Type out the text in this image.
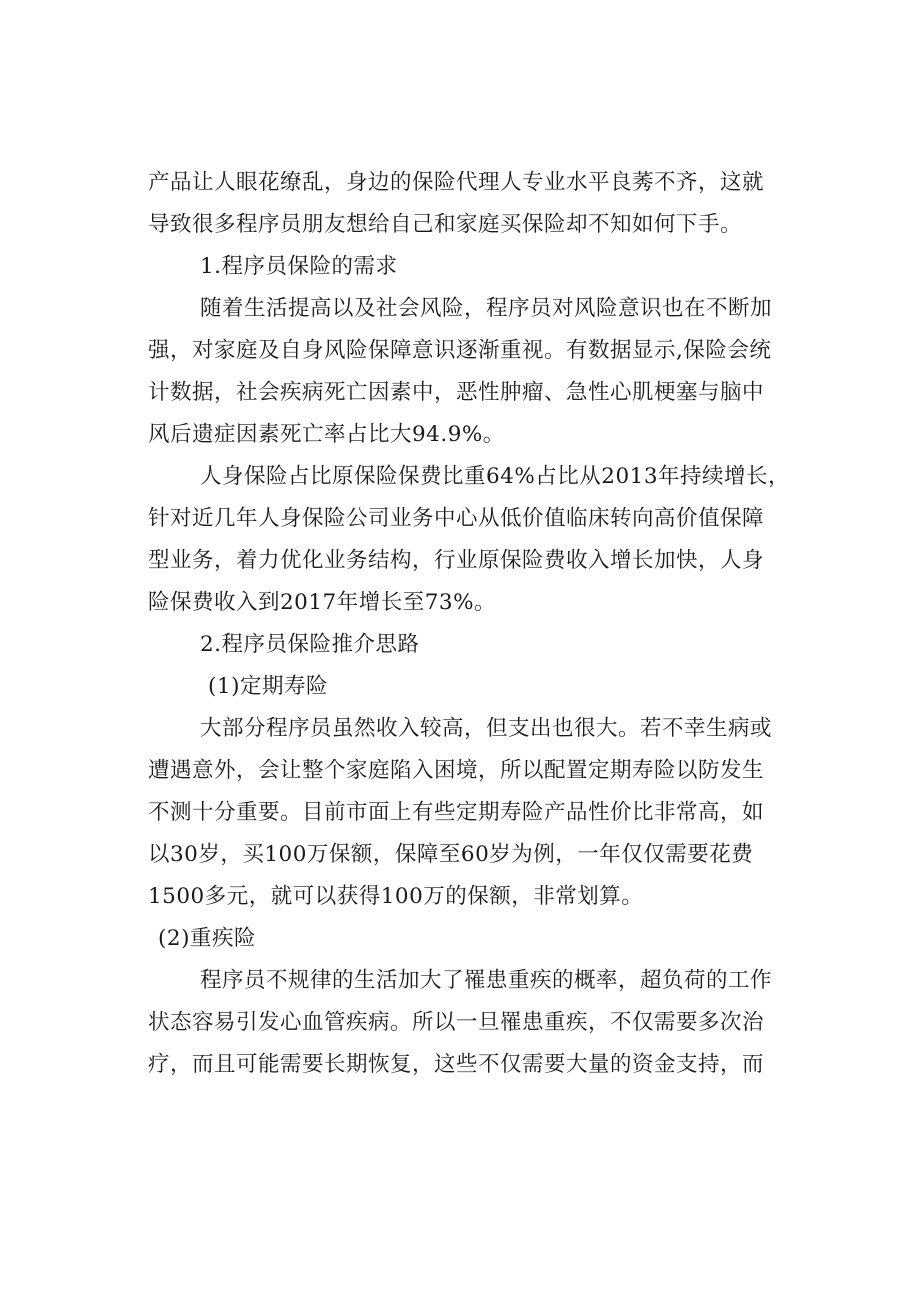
产品让人眼花缭乱，身边的保险代理人专业水平良莠不齐，这就
导致很多程序员朋友想给自己和家庭买保险却不知如何下手。
1.程序员保险的需求
随着生活提高以及社会风险，程序员对风险意识也在不断加
强，对家庭及自身风险保障意识逐渐重视。有数据显示,保险会统
计数据，社会疾病死亡因素中，恶性肿瘤、急性心肌梗塞与脑中
风后遗症因素死亡率占比大94.9%。
人身保险占比原保险保费比重64%占比从2013年持续增长，
针对近几年人身保险公司业务中心从低价值临床转向高价值保障
型业务，着力优化业务结构，行业原保险费收入增长加快，人身
险保费收入到2017年增长至73%。
2.程序员保险推介思路
(1)定期寿险
大部分程序员虽然收入较高，但支出也很大。若不幸生病或
遭遇意外，会让整个家庭陷入困境，所以配置定期寿险以防发生
不测十分重要。目前市面上有些定期寿险产品性价比非常高，如
以30岁，买100万保额，保障至60岁为例，一年仅仅需要花费
1500多元，就可以获得100万的保额，非常划算。
(2)重疾险
程序员不规律的生活加大了罹患重疾的概率，超负荷的工作
状态容易引发心血管疾病。所以一旦罹患重疾，不仅需要多次治
疗，而且可能需要长期恢复，这些不仅需要大量的资金支持，而
